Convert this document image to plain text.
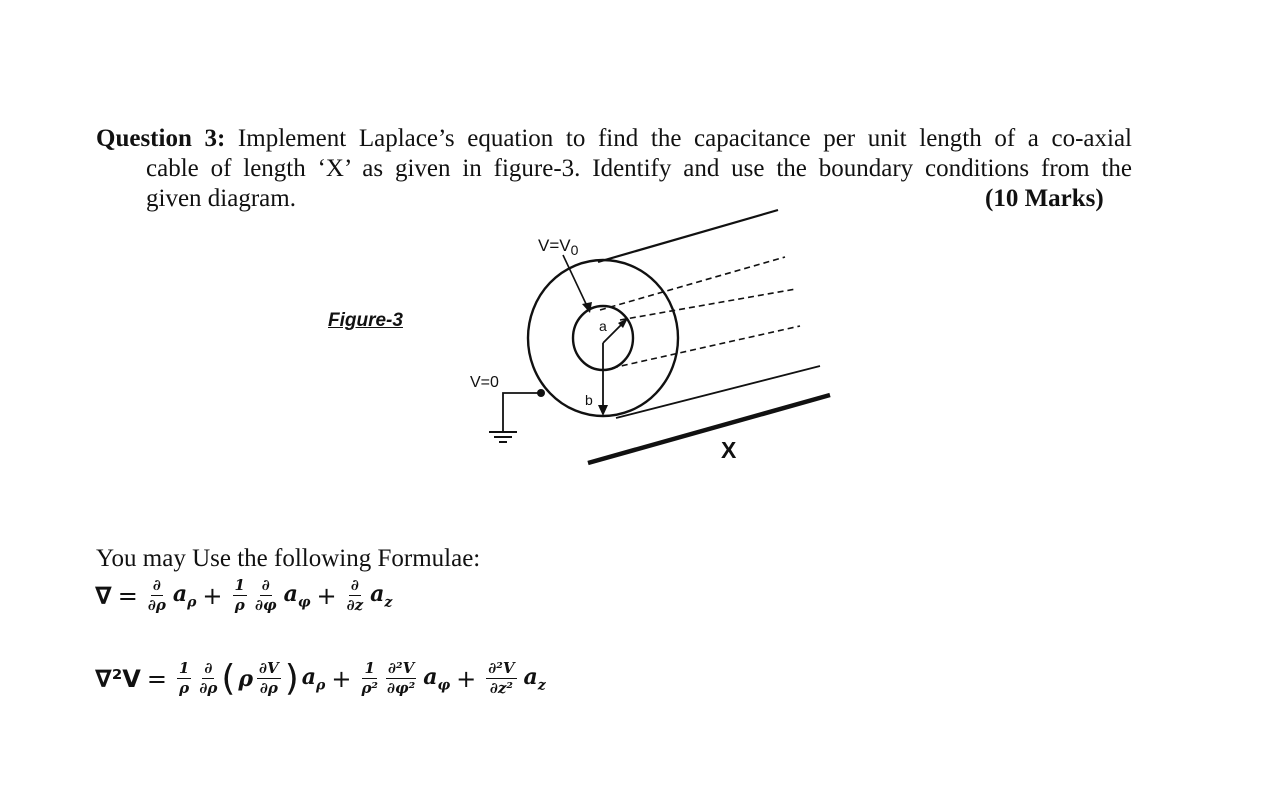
Question 3: Implement Laplace’s equation to find the capacitance per unit length of a co-axial
cable of length ‘X’ as given in figure-3. Identify and use the boundary conditions from the
given diagram.	(10 Marks)
Figure-3
$V=V_0$
a
V=0
b
X
You may Use the following Formulae:
∇ = $\frac{\partial}{\partial\rho} a_\rho + \frac{1}{\rho} \frac{\partial}{\partial\varphi} a_\varphi + \frac{\partial}{\partial z} a_z$
$\nabla^2V = \frac{1}{\rho} \frac{\partial}{\partial\rho}$ ( ρ $\frac{\partial V}{\partial\rho}$ ) $a_\rho + \frac{1}{\text{ρ²}} \frac{\text{∂²V}}{\text{∂φ²}} a_\varphi + \frac{\text{∂²V}}{\text{∂z²}} a_z$
